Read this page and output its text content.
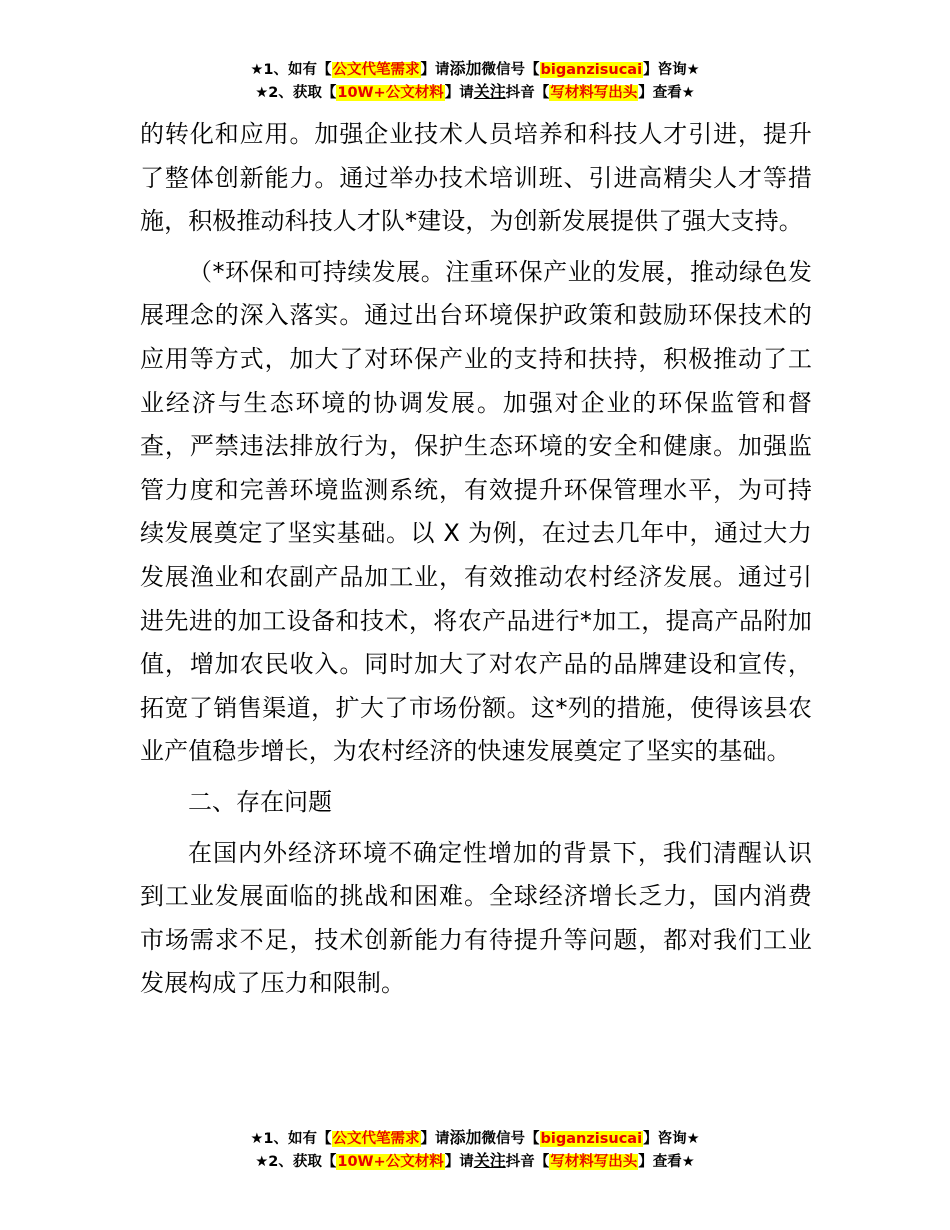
★1、如有【公文代笔需求】请添加微信号【biganzisucai】咨询★
★2、获取【10W+公文材料】请关注抖音【写材料写出头】查看★

的转化和应用。加强企业技术人员培养和科技人才引进，提升了整体创新能力。通过举办技术培训班、引进高精尖人才等措施，积极推动科技人才队*建设，为创新发展提供了强大支持。

（*环保和可持续发展。注重环保产业的发展，推动绿色发展理念的深入落实。通过出台环境保护政策和鼓励环保技术的应用等方式，加大了对环保产业的支持和扶持，积极推动了工业经济与生态环境的协调发展。加强对企业的环保监管和督查，严禁违法排放行为，保护生态环境的安全和健康。加强监管力度和完善环境监测系统，有效提升环保管理水平，为可持续发展奠定了坚实基础。以 X 为例，在过去几年中，通过大力发展渔业和农副产品加工业，有效推动农村经济发展。通过引进先进的加工设备和技术，将农产品进行*加工，提高产品附加值，增加农民收入。同时加大了对农产品的品牌建设和宣传，拓宽了销售渠道，扩大了市场份额。这*列的措施，使得该县农业产值稳步增长，为农村经济的快速发展奠定了坚实的基础。

二、存在问题

在国内外经济环境不确定性增加的背景下，我们清醒认识到工业发展面临的挑战和困难。全球经济增长乏力，国内消费市场需求不足，技术创新能力有待提升等问题，都对我们工业发展构成了压力和限制。

★1、如有【公文代笔需求】请添加微信号【biganzisucai】咨询★
★2、获取【10W+公文材料】请关注抖音【写材料写出头】查看★
